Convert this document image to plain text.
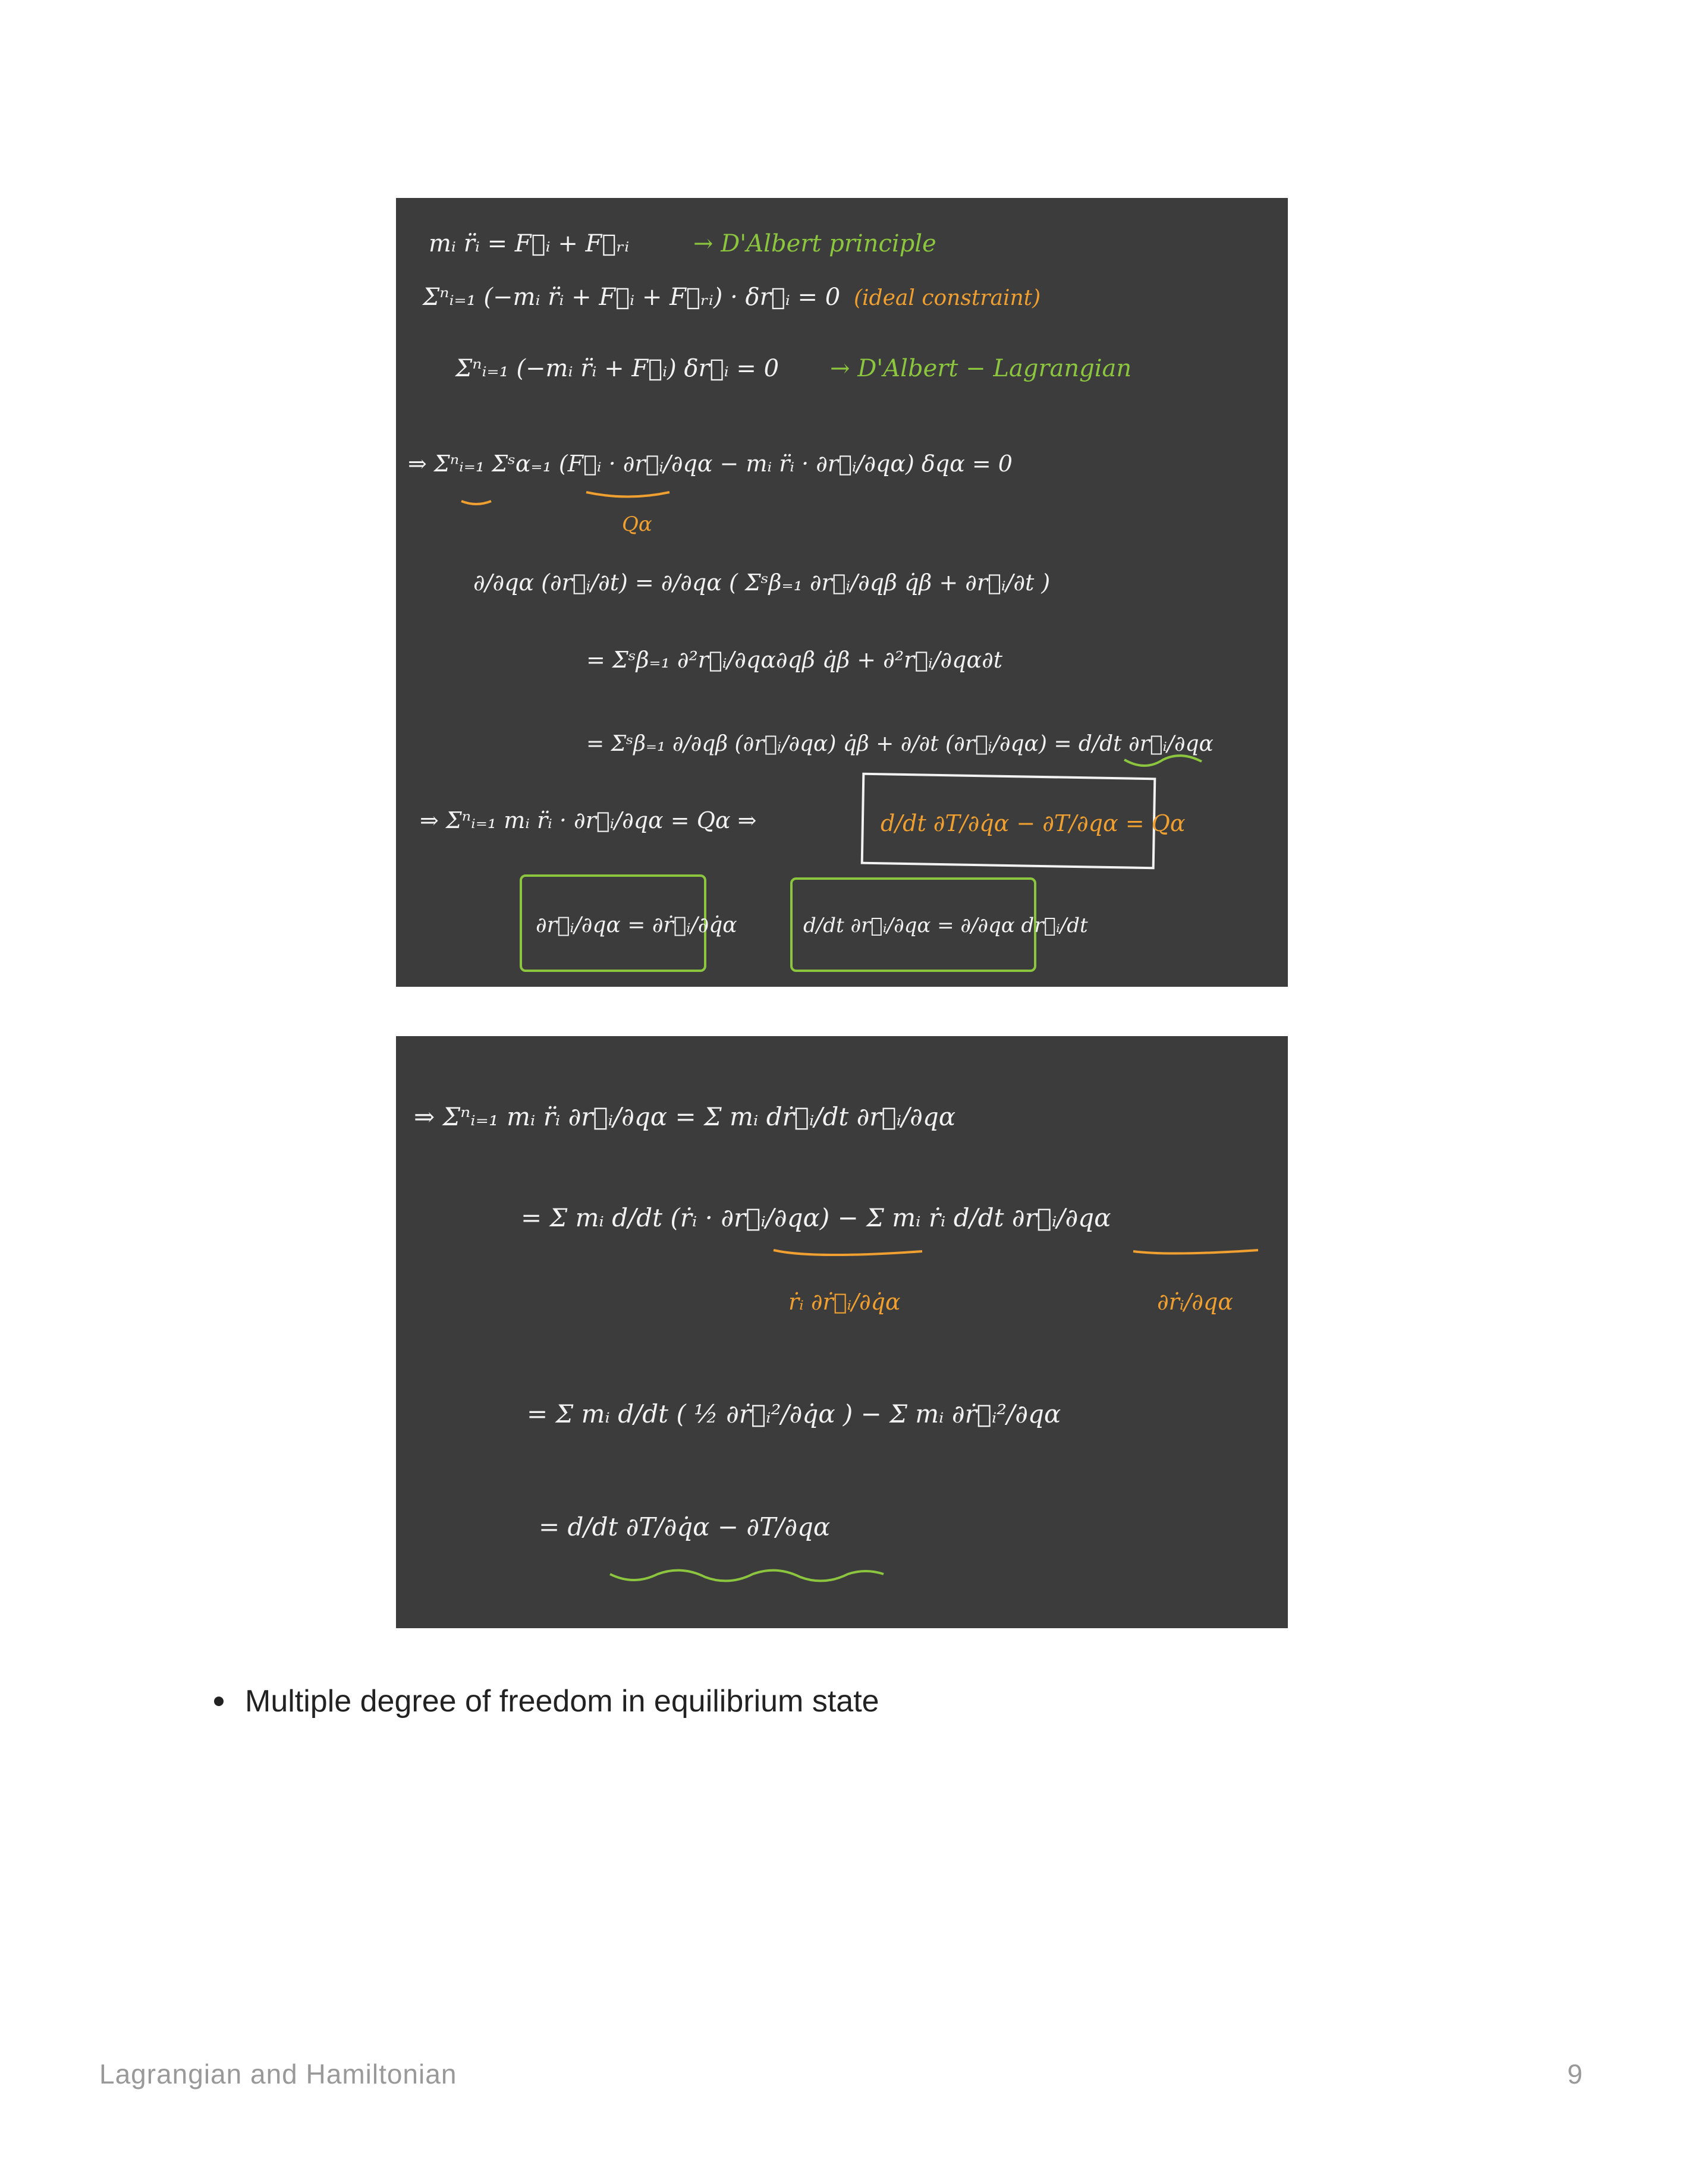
mᵢ r̈ᵢ = F⃗ᵢ + F⃗ᵣᵢ	→ D'Albert principle
Σⁿᵢ₌₁ (−mᵢ r̈ᵢ + F⃗ᵢ + F⃗ᵣᵢ) · δr⃗ᵢ = 0 (ideal constraint)
Σⁿᵢ₌₁ (−mᵢ r̈ᵢ + F⃗ᵢ) δr⃗ᵢ = 0 → D'Albert − Lagrangian
⇒ Σⁿᵢ₌₁ Σˢα₌₁ (F⃗ᵢ · ∂r⃗ᵢ/∂qα − mᵢ r̈ᵢ · ∂r⃗ᵢ/∂qα) δqα = 0
Qα
∂/∂qα (∂r⃗ᵢ/∂t) = ∂/∂qα ( Σˢβ₌₁ ∂r⃗ᵢ/∂qβ q̇β + ∂r⃗ᵢ/∂t )
= Σˢβ₌₁ ∂²r⃗ᵢ/∂qα∂qβ q̇β + ∂²r⃗ᵢ/∂qα∂t
= Σˢβ₌₁ ∂/∂qβ (∂r⃗ᵢ/∂qα) q̇β + ∂/∂t (∂r⃗ᵢ/∂qα) = d/dt ∂r⃗ᵢ/∂qα
⇒ Σⁿᵢ₌₁ mᵢ r̈ᵢ · ∂r⃗ᵢ/∂qα = Qα ⇒	d/dt ∂T/∂q̇α − ∂T/∂qα = Qα
∂r⃗ᵢ/∂qα = ∂ṙ⃗ᵢ/∂q̇α	d/dt ∂r⃗ᵢ/∂qα = ∂/∂qα dr⃗ᵢ/dt
⇒ Σⁿᵢ₌₁ mᵢ r̈ᵢ ∂r⃗ᵢ/∂qα = Σ mᵢ dṙ⃗ᵢ/dt ∂r⃗ᵢ/∂qα
= Σ mᵢ d/dt (ṙᵢ · ∂r⃗ᵢ/∂qα) − Σ mᵢ ṙᵢ d/dt ∂r⃗ᵢ/∂qα
ṙᵢ ∂ṙ⃗ᵢ/∂q̇α	∂ṙᵢ/∂qα
= Σ mᵢ d/dt ( ½ ∂ṙ⃗ᵢ²/∂q̇α ) − Σ mᵢ ∂ṙ⃗ᵢ²/∂qα
= d/dt ∂T/∂q̇α − ∂T/∂qα
Multiple degree of freedom in equilibrium state
Lagrangian and Hamiltonian	9
